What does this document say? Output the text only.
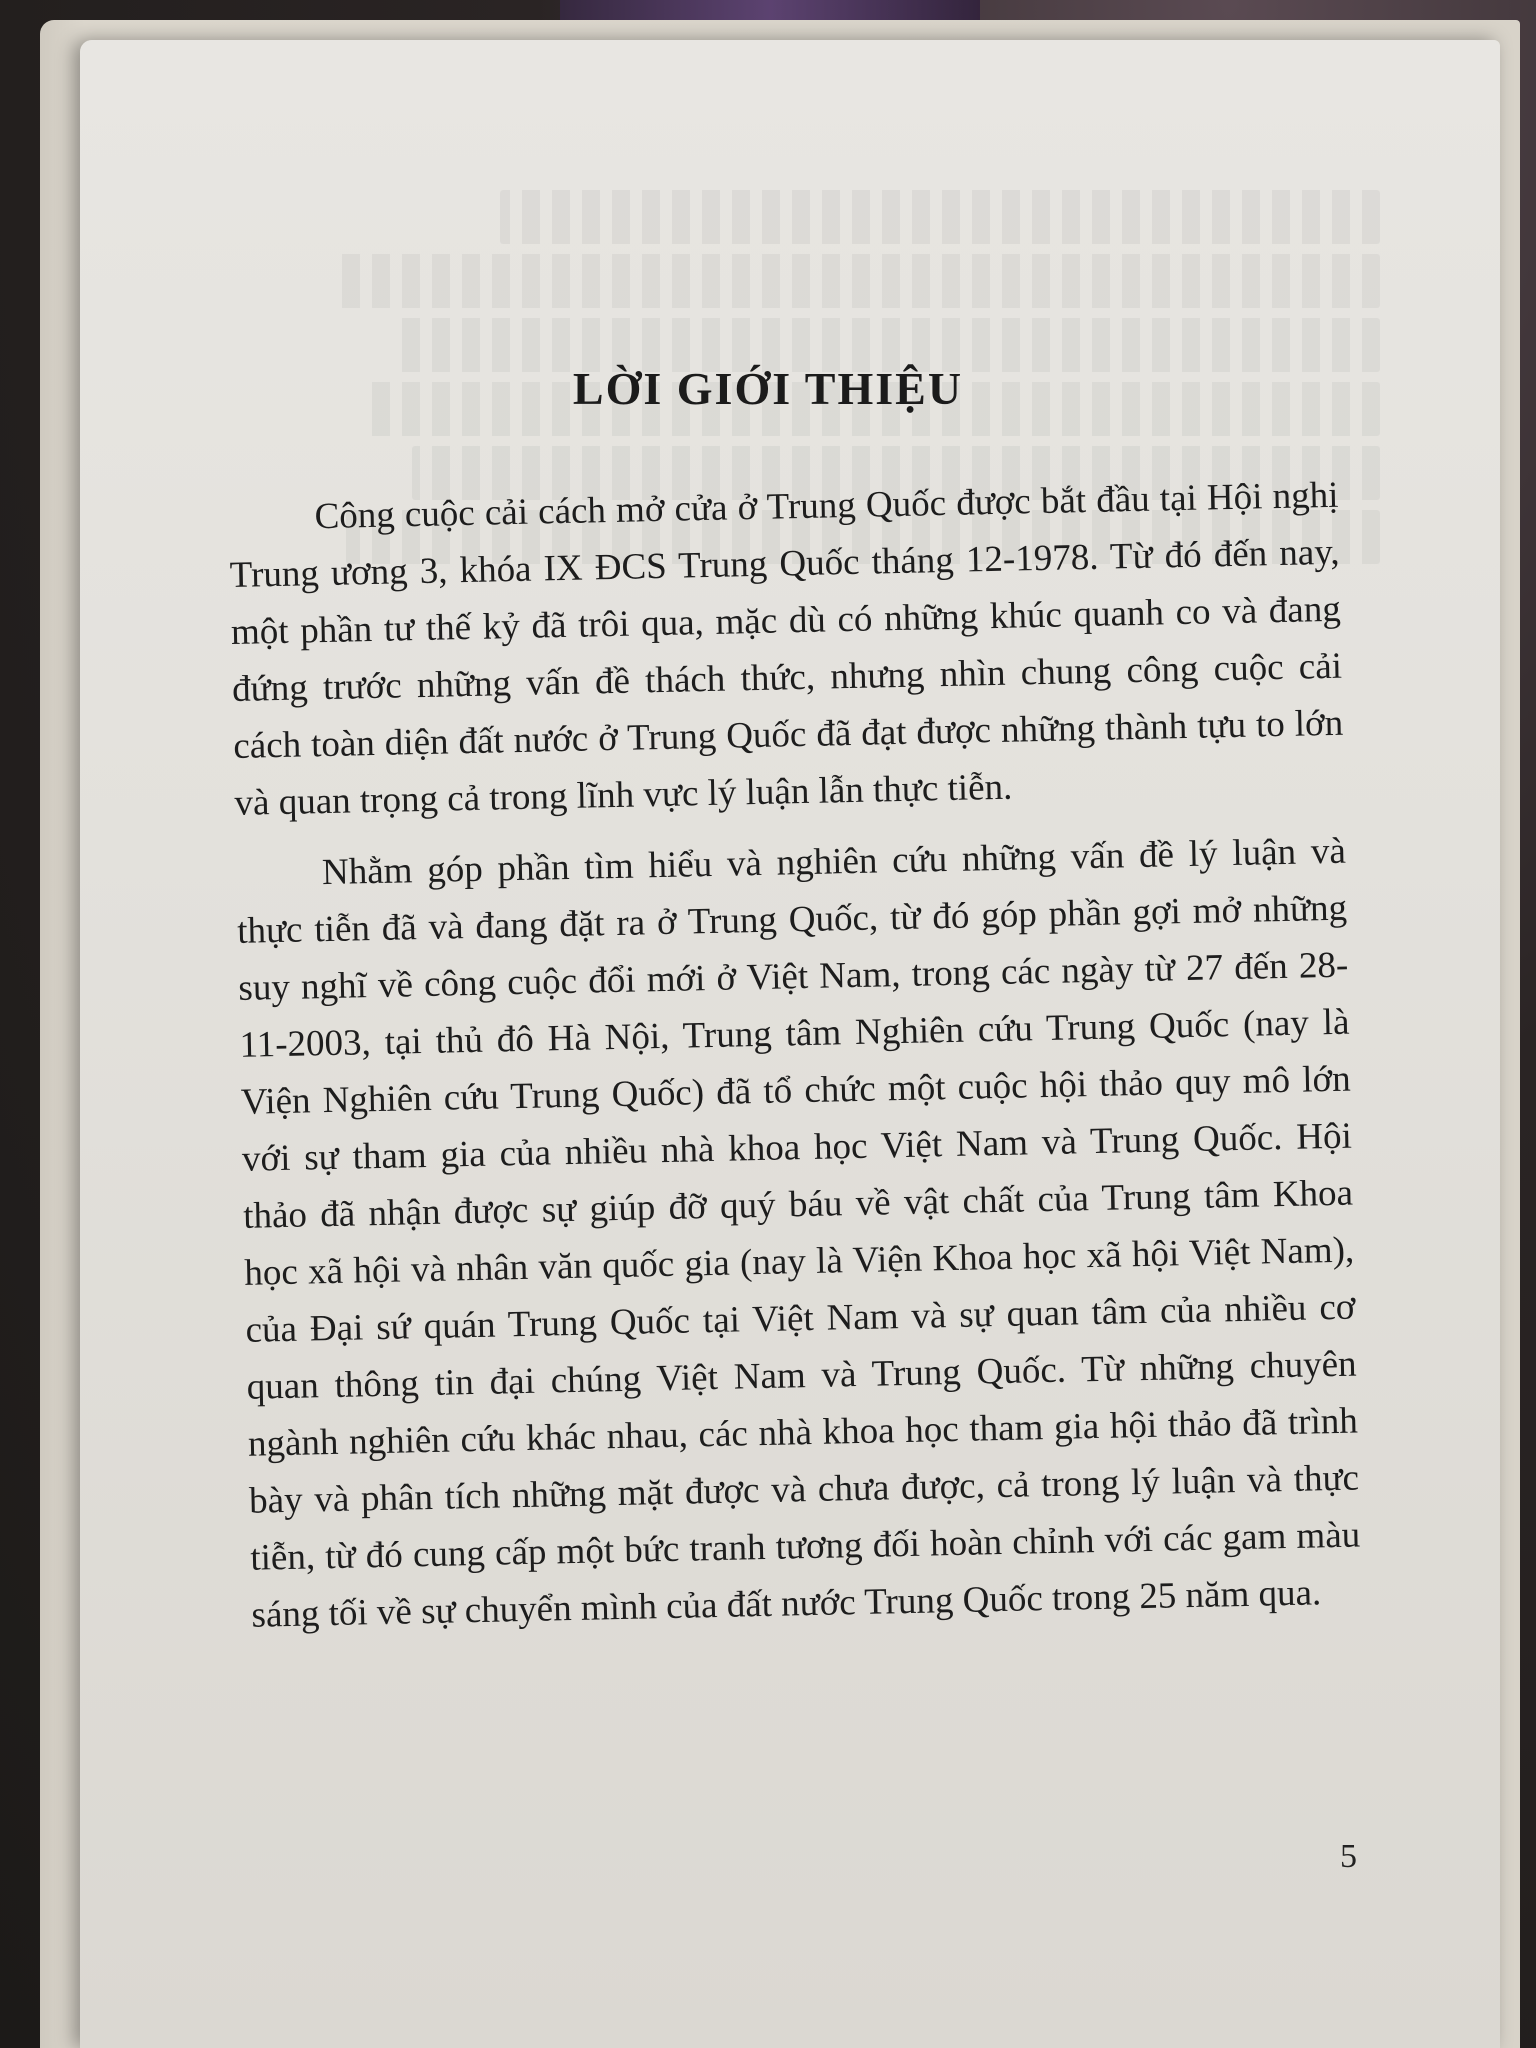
LỜI GIỚI THIỆU

Công cuộc cải cách mở cửa ở Trung Quốc được bắt đầu tại Hội nghị Trung ương 3, khóa IX ĐCS Trung Quốc tháng 12-1978. Từ đó đến nay, một phần tư thế kỷ đã trôi qua, mặc dù có những khúc quanh co và đang đứng trước những vấn đề thách thức, nhưng nhìn chung công cuộc cải cách toàn diện đất nước ở Trung Quốc đã đạt được những thành tựu to lớn và quan trọng cả trong lĩnh vực lý luận lẫn thực tiễn.

Nhằm góp phần tìm hiểu và nghiên cứu những vấn đề lý luận và thực tiễn đã và đang đặt ra ở Trung Quốc, từ đó góp phần gợi mở những suy nghĩ về công cuộc đổi mới ở Việt Nam, trong các ngày từ 27 đến 28-11-2003, tại thủ đô Hà Nội, Trung tâm Nghiên cứu Trung Quốc (nay là Viện Nghiên cứu Trung Quốc) đã tổ chức một cuộc hội thảo quy mô lớn với sự tham gia của nhiều nhà khoa học Việt Nam và Trung Quốc. Hội thảo đã nhận được sự giúp đỡ quý báu về vật chất của Trung tâm Khoa học xã hội và nhân văn quốc gia (nay là Viện Khoa học xã hội Việt Nam), của Đại sứ quán Trung Quốc tại Việt Nam và sự quan tâm của nhiều cơ quan thông tin đại chúng Việt Nam và Trung Quốc. Từ những chuyên ngành nghiên cứu khác nhau, các nhà khoa học tham gia hội thảo đã trình bày và phân tích những mặt được và chưa được, cả trong lý luận và thực tiễn, từ đó cung cấp một bức tranh tương đối hoàn chỉnh với các gam màu sáng tối về sự chuyển mình của đất nước Trung Quốc trong 25 năm qua.

5
